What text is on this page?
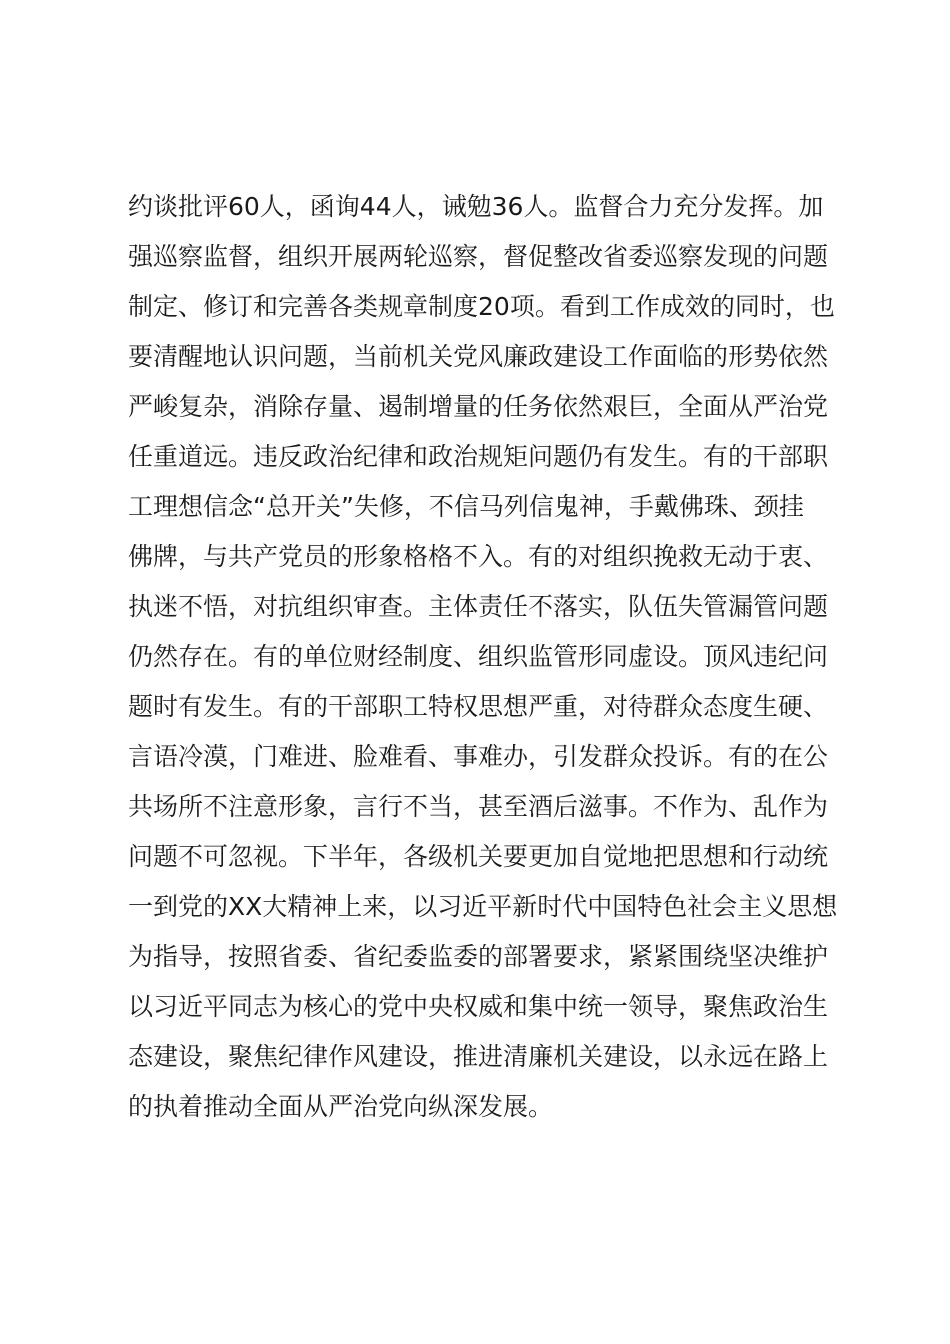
约谈批评60人，函询44人，诫勉36人。监督合力充分发挥。加
强巡察监督，组织开展两轮巡察，督促整改省委巡察发现的问题
制定、修订和完善各类规章制度20项。看到工作成效的同时，也
要清醒地认识问题，当前机关党风廉政建设工作面临的形势依然
严峻复杂，消除存量、遏制增量的任务依然艰巨，全面从严治党
任重道远。违反政治纪律和政治规矩问题仍有发生。有的干部职
工理想信念“总开关”失修，不信马列信鬼神，手戴佛珠、颈挂
佛牌，与共产党员的形象格格不入。有的对组织挽救无动于衷、
执迷不悟，对抗组织审查。主体责任不落实，队伍失管漏管问题
仍然存在。有的单位财经制度、组织监管形同虚设。顶风违纪问
题时有发生。有的干部职工特权思想严重，对待群众态度生硬、
言语冷漠，门难进、脸难看、事难办，引发群众投诉。有的在公
共场所不注意形象，言行不当，甚至酒后滋事。不作为、乱作为
问题不可忽视。下半年，各级机关要更加自觉地把思想和行动统
一到党的XX大精神上来，以习近平新时代中国特色社会主义思想
为指导，按照省委、省纪委监委的部署要求，紧紧围绕坚决维护
以习近平同志为核心的党中央权威和集中统一领导，聚焦政治生
态建设，聚焦纪律作风建设，推进清廉机关建设，以永远在路上
的执着推动全面从严治党向纵深发展。
